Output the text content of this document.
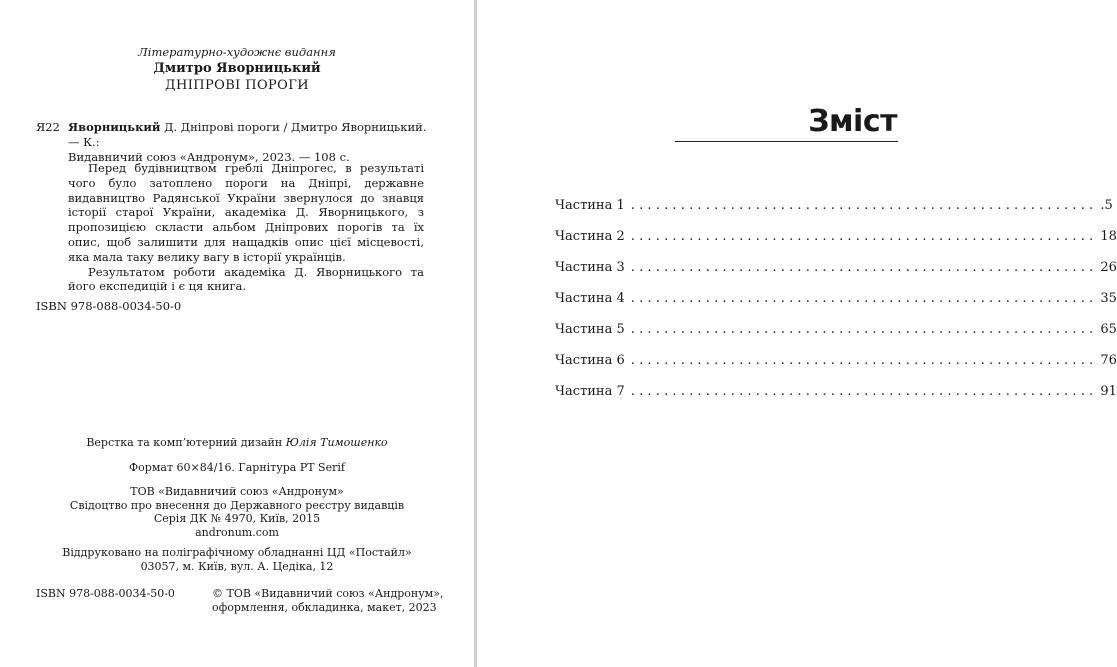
Літературно-художнє видання
Дмитро Яворницький
ДНІПРОВІ ПОРОГИ
Я22 Яворницький Д. Дніпрові пороги / Дмитро Яворницький. — К.:
Видавничий союз «Андронум», 2023. — 108 с.

Перед будівництвом греблі Дніпрогес, в результаті чого було затоплено пороги на Дніпрі, державне видавництво Радянської України звернулося до знавця історії старої України, академіка Д. Яворницького, з пропозицією скласти альбом Дніпрових порогів та їх опис, щоб залишити для нащадків опис цієї місцевості, яка мала таку велику вагу в історії українців.

Результатом роботи академіка Д. Яворницького та його експедицій і є ця книга.

ISBN 978-088-0034-50-0
Верстка та комп’ютерний дизайн Юлія Тимошенко
Формат 60×84/16. Гарнітура PT Serif
ТОВ «Видавничий союз «Андронум»
Свідоцтво про внесення до Державного реєстру видавців
Серія ДК № 4970, Київ, 2015
andronum.com
Віддруковано на поліграфічному обладнанні ЦД «Постайл»
03057, м. Київ, вул. А. Цедіка, 12
ISBN 978-088-0034-50-0	© ТОВ «Видавничий союз «Андронум»,
оформлення, обкладинка, макет, 2023
Зміст
Частина 1 ........................................................ .5
Частина 2 ........................................................ 18
Частина 3 ........................................................ 26
Частина 4 ........................................................ 35
Частина 5 ........................................................ 65
Частина 6 ........................................................ 76
Частина 7 ........................................................ 91
